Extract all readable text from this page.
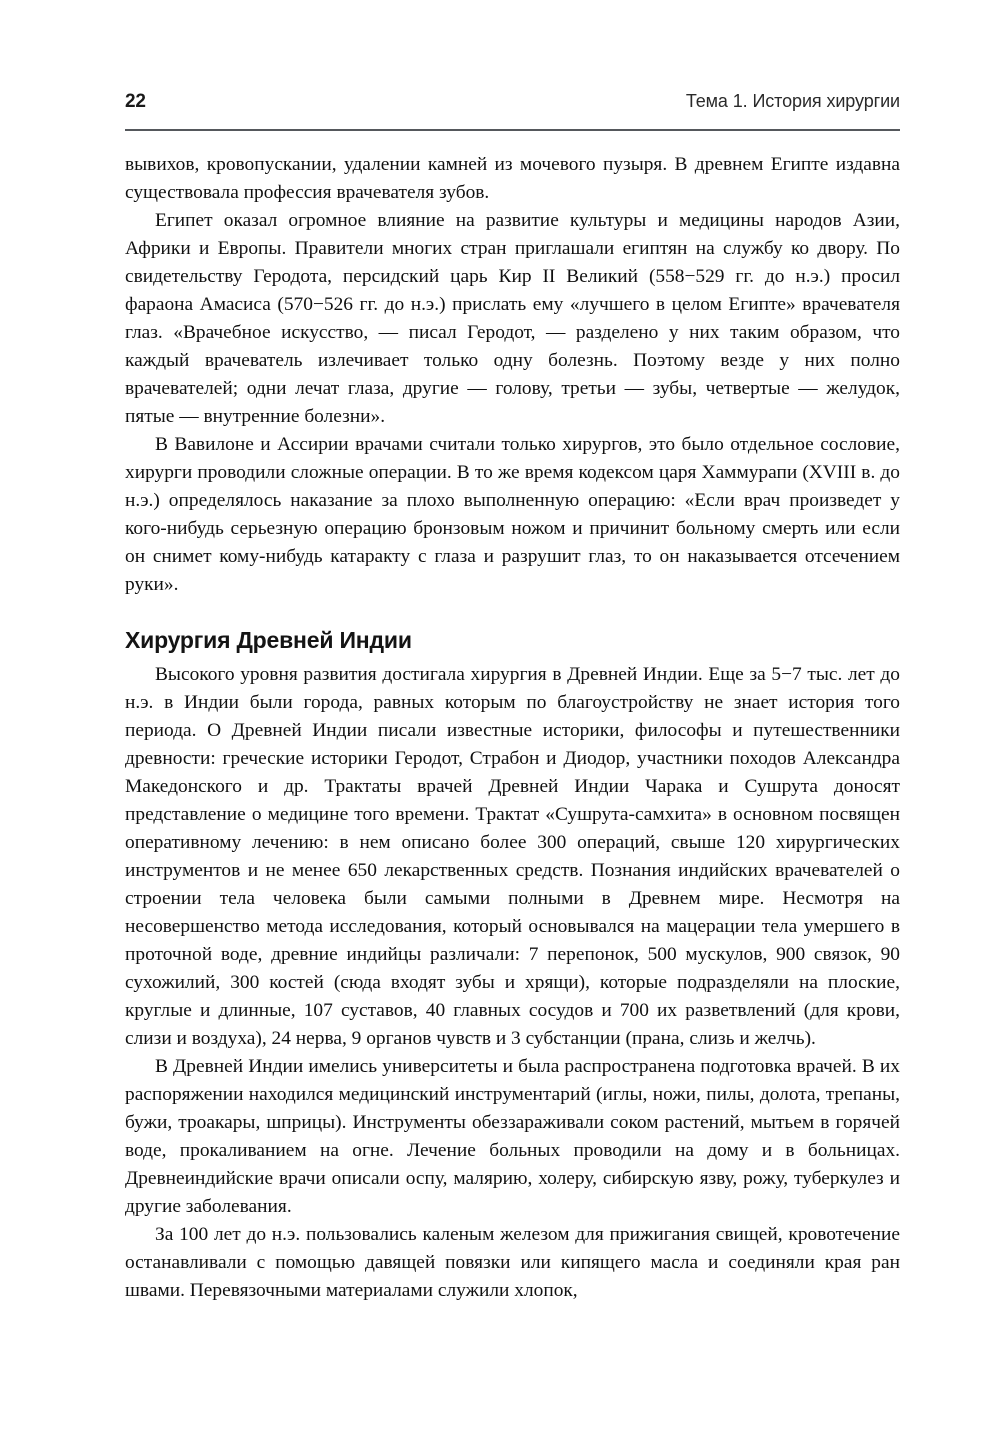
22	Тема 1. История хирургии

вывихов, кровопускании, удалении камней из мочевого пузыря. В древнем Египте издавна существовала профессия врачевателя зубов.

Египет оказал огромное влияние на развитие культуры и медицины народов Азии, Африки и Европы. Правители многих стран приглашали египтян на службу ко двору. По свидетельству Геродота, персидский царь Кир II Великий (558−529 гг. до н.э.) просил фараона Амасиса (570−526 гг. до н.э.) прислать ему «лучшего в целом Египте» врачевателя глаз. «Врачебное искусство, — писал Геродот, — разделено у них таким образом, что каждый врачеватель излечивает только одну болезнь. Поэтому везде у них полно врачевателей; одни лечат глаза, другие — голову, третьи — зубы, четвертые — желудок, пятые — внутренние болезни».

В Вавилоне и Ассирии врачами считали только хирургов, это было отдельное сословие, хирурги проводили сложные операции. В то же время кодексом царя Хаммурапи (XVIII в. до н.э.) определялось наказание за плохо выполненную операцию: «Если врач произведет у кого-нибудь серьезную операцию бронзовым ножом и причинит больному смерть или если он снимет кому-нибудь катаракту с глаза и разрушит глаз, то он наказывается отсечением руки».

Хирургия Древней Индии

Высокого уровня развития достигала хирургия в Древней Индии. Еще за 5−7 тыс. лет до н.э. в Индии были города, равных которым по благоустройству не знает история того периода. О Древней Индии писали известные историки, философы и путешественники древности: греческие историки Геродот, Страбон и Диодор, участники походов Александра Македонского и др. Трактаты врачей Древней Индии Чарака и Сушрута доносят представление о медицине того времени. Трактат «Сушрута-самхита» в основном посвящен оперативному лечению: в нем описано более 300 операций, свыше 120 хирургических инструментов и не менее 650 лекарственных средств. Познания индийских врачевателей о строении тела человека были самыми полными в Древнем мире. Несмотря на несовершенство метода исследования, который основывался на мацерации тела умершего в проточной воде, древние индийцы различали: 7 перепонок, 500 мускулов, 900 связок, 90 сухожилий, 300 костей (сюда входят зубы и хрящи), которые подразделяли на плоские, круглые и длинные, 107 суставов, 40 главных сосудов и 700 их разветвлений (для крови, слизи и воздуха), 24 нерва, 9 органов чувств и 3 субстанции (прана, слизь и желчь).

В Древней Индии имелись университеты и была распространена подготовка врачей. В их распоряжении находился медицинский инструментарий (иглы, ножи, пилы, долота, трепаны, бужи, троакары, шприцы). Инструменты обеззараживали соком растений, мытьем в горячей воде, прокаливанием на огне. Лечение больных проводили на дому и в больницах. Древнеиндийские врачи описали оспу, малярию, холеру, сибирскую язву, рожу, туберкулез и другие заболевания.

За 100 лет до н.э. пользовались каленым железом для прижигания свищей, кровотечение останавливали с помощью давящей повязки или кипящего масла и соединяли края ран швами. Перевязочными материалами служили хлопок,
